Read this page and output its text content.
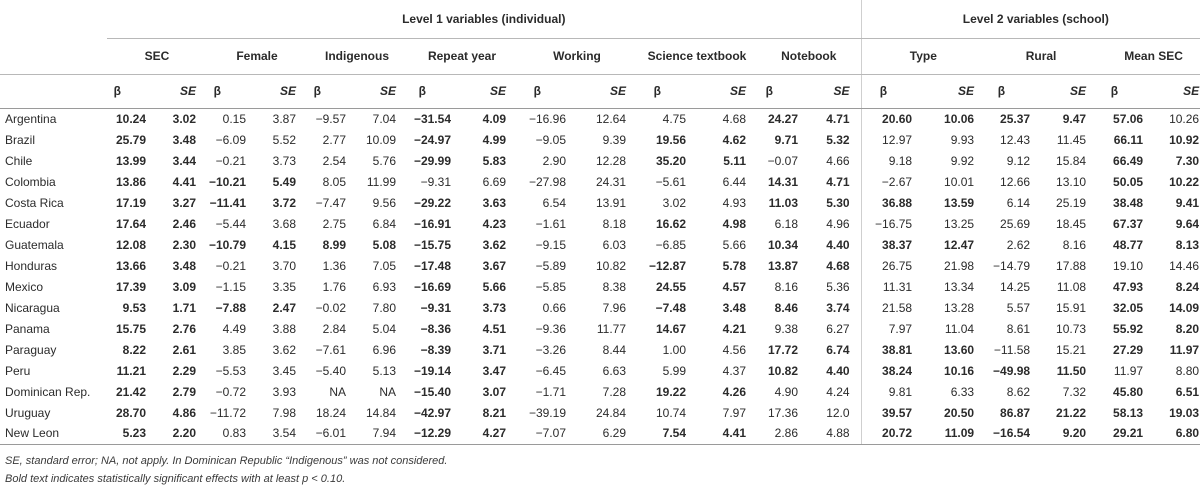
	Level 1 variables (individual)														Level 2 variables (school)					
	SEC		Female		Indigenous		Repeat year		Working		Science textbook		Notebook		Type		Rural		Mean SEC	
	β	SE	β	SE	β	SE	β	SE	β	SE	β	SE	β	SE	β	SE	β	SE	β	SE
Argentina	10.24	3.02	0.15	3.87	−9.57	7.04	−31.54	4.09	−16.96	12.64	4.75	4.68	24.27	4.71	20.60	10.06	25.37	9.47	57.06	10.26
Brazil	25.79	3.48	−6.09	5.52	2.77	10.09	−24.97	4.99	−9.05	9.39	19.56	4.62	9.71	5.32	12.97	9.93	12.43	11.45	66.11	10.92
Chile	13.99	3.44	−0.21	3.73	2.54	5.76	−29.99	5.83	2.90	12.28	35.20	5.11	−0.07	4.66	9.18	9.92	9.12	15.84	66.49	7.30
Colombia	13.86	4.41	−10.21	5.49	8.05	11.99	−9.31	6.69	−27.98	24.31	−5.61	6.44	14.31	4.71	−2.67	10.01	12.66	13.10	50.05	10.22
Costa Rica	17.19	3.27	−11.41	3.72	−7.47	9.56	−29.22	3.63	6.54	13.91	3.02	4.93	11.03	5.30	36.88	13.59	6.14	25.19	38.48	9.41
Ecuador	17.64	2.46	−5.44	3.68	2.75	6.84	−16.91	4.23	−1.61	8.18	16.62	4.98	6.18	4.96	−16.75	13.25	25.69	18.45	67.37	9.64
Guatemala	12.08	2.30	−10.79	4.15	8.99	5.08	−15.75	3.62	−9.15	6.03	−6.85	5.66	10.34	4.40	38.37	12.47	2.62	8.16	48.77	8.13
Honduras	13.66	3.48	−0.21	3.70	1.36	7.05	−17.48	3.67	−5.89	10.82	−12.87	5.78	13.87	4.68	26.75	21.98	−14.79	17.88	19.10	14.46
Mexico	17.39	3.09	−1.15	3.35	1.76	6.93	−16.69	5.66	−5.85	8.38	24.55	4.57	8.16	5.36	11.31	13.34	14.25	11.08	47.93	8.24
Nicaragua	9.53	1.71	−7.88	2.47	−0.02	7.80	−9.31	3.73	0.66	7.96	−7.48	3.48	8.46	3.74	21.58	13.28	5.57	15.91	32.05	14.09
Panama	15.75	2.76	4.49	3.88	2.84	5.04	−8.36	4.51	−9.36	11.77	14.67	4.21	9.38	6.27	7.97	11.04	8.61	10.73	55.92	8.20
Paraguay	8.22	2.61	3.85	3.62	−7.61	6.96	−8.39	3.71	−3.26	8.44	1.00	4.56	17.72	6.74	38.81	13.60	−11.58	15.21	27.29	11.97
Peru	11.21	2.29	−5.53	3.45	−5.40	5.13	−19.14	3.47	−6.45	6.63	5.99	4.37	10.82	4.40	38.24	10.16	−49.98	11.50	11.97	8.80
Dominican Rep.	21.42	2.79	−0.72	3.93	NA	NA	−15.40	3.07	−1.71	7.28	19.22	4.26	4.90	4.24	9.81	6.33	8.62	7.32	45.80	6.51
Uruguay	28.70	4.86	−11.72	7.98	18.24	14.84	−42.97	8.21	−39.19	24.84	10.74	7.97	17.36	12.0	39.57	20.50	86.87	21.22	58.13	19.03
New Leon	5.23	2.20	0.83	3.54	−6.01	7.94	−12.29	4.27	−7.07	6.29	7.54	4.41	2.86	4.88	20.72	11.09	−16.54	9.20	29.21	6.80
SE, standard error; NA, not apply. In Dominican Republic “Indigenous” was not considered.
Bold text indicates statistically significant effects with at least p < 0.10.
